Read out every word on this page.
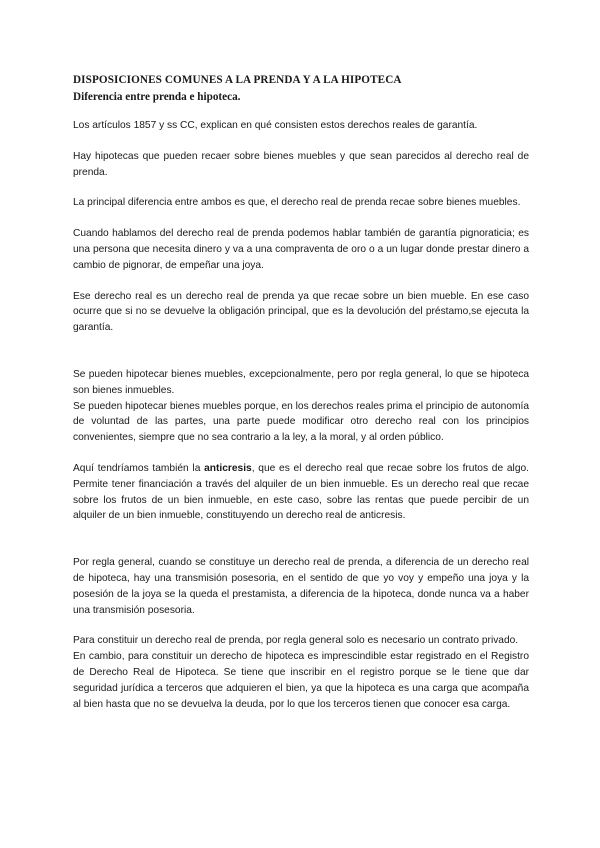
DISPOSICIONES COMUNES A LA PRENDA Y A LA HIPOTECA
Diferencia entre prenda e hipoteca.

Los artículos 1857 y ss CC, explican en qué consisten estos derechos reales de garantía.

Hay hipotecas que pueden recaer sobre bienes muebles y que sean parecidos al derecho real de prenda.

La principal diferencia entre ambos es que, el derecho real de prenda recae sobre bienes muebles.

Cuando hablamos del derecho real de prenda podemos hablar también de garantía pignoraticia; es una persona que necesita dinero y va a una compraventa de oro o a un lugar donde prestar dinero a cambio de pignorar, de empeñar una joya.

Ese derecho real es un derecho real de prenda ya que recae sobre un bien mueble. En ese caso ocurre que si no se devuelve la obligación principal, que es la devolución del préstamo,se ejecuta la garantía.

Se pueden hipotecar bienes muebles, excepcionalmente, pero por regla general, lo que se hipoteca son bienes inmuebles.

Se pueden hipotecar bienes muebles porque, en los derechos reales prima el principio de autonomía de voluntad de las partes, una parte puede modificar otro derecho real con los principios convenientes, siempre que no sea contrario a la ley, a la moral, y al orden público.

Aquí tendríamos también la anticresis, que es el derecho real que recae sobre los frutos de algo. Permite tener financiación a través del alquiler de un bien inmueble. Es un derecho real que recae sobre los frutos de un bien inmueble, en este caso, sobre las rentas que puede percibir de un alquiler de un bien inmueble, constituyendo un derecho real de anticresis.

Por regla general, cuando se constituye un derecho real de prenda, a diferencia de un derecho real de hipoteca, hay una transmisión posesoria, en el sentido de que yo voy y empeño una joya y la posesión de la joya se la queda el prestamista, a diferencia de la hipoteca, donde nunca va a haber una transmisión posesoria.

Para constituir un derecho real de prenda, por regla general solo es necesario un contrato privado.

En cambio, para constituir un derecho de hipoteca es imprescindible estar registrado en el Registro de Derecho Real de Hipoteca. Se tiene que inscribir en el registro porque se le tiene que dar seguridad jurídica a terceros que adquieren el bien, ya que la hipoteca es una carga que acompaña al bien hasta que no se devuelva la deuda, por lo que los terceros tienen que conocer esa carga.
